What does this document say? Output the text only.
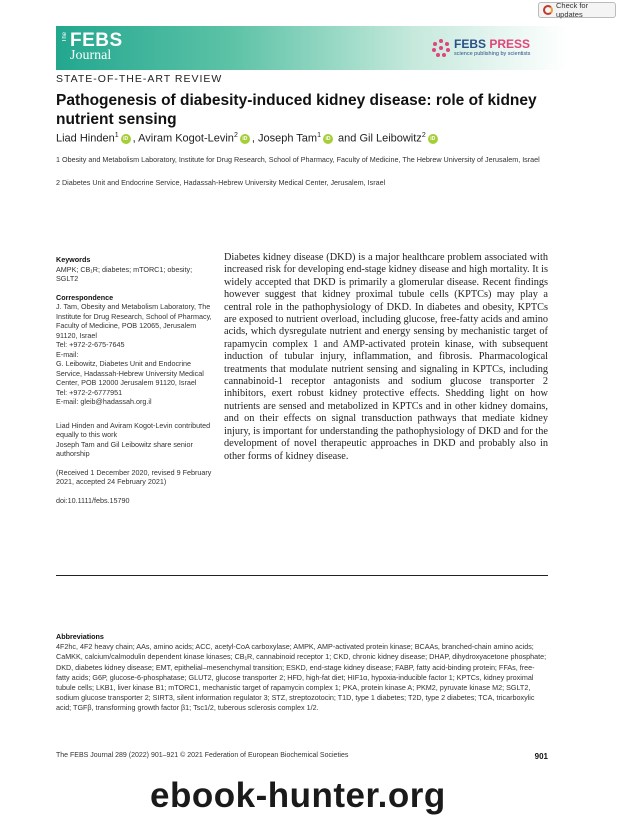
Check for updates
The FEBS
Journal
FEBS PRESS
science publishing by scientists
STATE-OF-THE-ART REVIEW
Pathogenesis of diabesity-induced kidney disease: role of kidney nutrient sensing
Liad Hinden$^1$ iD , Aviram Kogot-Levin$^2$ iD , Joseph Tam$^1$ iD and Gil Leibowitz$^2$ iD

1 Obesity and Metabolism Laboratory, Institute for Drug Research, School of Pharmacy, Faculty of Medicine, The Hebrew University of Jerusalem, Israel

2 Diabetes Unit and Endocrine Service, Hadassah-Hebrew University Medical Center, Jerusalem, Israel

Keywords
AMPK; CB₁R; diabetes; mTORC1; obesity; SGLT2
Correspondence
J. Tam, Obesity and Metabolism Laboratory, The Institute for Drug Research, School of Pharmacy, Faculty of Medicine, POB 12065, Jerusalem 91120, Israel
Tel: +972-2-675-7645
E-mail:
G. Leibowitz, Diabetes Unit and Endocrine Service, Hadassah-Hebrew University Medical Center, POB 12000 Jerusalem 91120, Israel
Tel: +972-2-6777951
E-mail: gleib@hadassah.org.il
Liad Hinden and Aviram Kogot-Levin contributed equally to this work
Joseph Tam and Gil Leibowitz share senior authorship
(Received 1 December 2020, revised 9 February 2021, accepted 24 February 2021)
doi:10.1111/febs.15790

Diabetes kidney disease (DKD) is a major healthcare problem associated with increased risk for developing end-stage kidney disease and high mortality. It is widely accepted that DKD is primarily a glomerular disease. Recent findings however suggest that kidney proximal tubule cells (KPTCs) may play a central role in the pathophysiology of DKD. In diabetes and obesity, KPTCs are exposed to nutrient overload, including glucose, free-fatty acids and amino acids, which dysregulate nutrient and energy sensing by mechanistic target of rapamycin complex 1 and AMP-activated protein kinase, with subsequent induction of tubular injury, inflammation, and fibrosis. Pharmacological treatments that modulate nutrient sensing and signaling in KPTCs, including cannabinoid-1 receptor antagonists and sodium glucose transporter 2 inhibitors, exert robust kidney protective effects. Shedding light on how nutrients are sensed and metabolized in KPTCs and in other kidney domains, and on their effects on signal transduction pathways that mediate kidney injury, is important for understanding the pathophysiology of DKD and for the development of novel therapeutic approaches in DKD and probably also in other forms of kidney disease.

Abbreviations
4F2hc, 4F2 heavy chain; AAs, amino acids; ACC, acetyl-CoA carboxylase; AMPK, AMP-activated protein kinase; BCAAs, branched-chain amino acids; CaMKK, calcium/calmodulin dependent kinase kinases; CB₁R, cannabinoid receptor 1; CKD, chronic kidney disease; DHAP, dihydroxyacetone phosphate; DKD, diabetes kidney disease; EMT, epithelial–mesenchymal transition; ESKD, end-stage kidney disease; FABP, fatty acid-binding protein; FFAs, free-fatty acids; G6P, glucose-6-phosphatase; GLUT2, glucose transporter 2; HFD, high-fat diet; HIF1α, hypoxia-inducible factor 1; KPTCs, kidney proximal tubule cells; LKB1, liver kinase B1; mTORC1, mechanistic target of rapamycin complex 1; PKA, protein kinase A; PKM2, pyruvate kinase M2; SGLT2, sodium glucose transporter 2; SIRT3, silent information regulator 3; STZ, streptozotocin; T1D, type 1 diabetes; T2D, type 2 diabetes; TCA, tricarboxylic acid; TGFβ, transforming growth factor β1; Tsc1/2, tuberous sclerosis complex 1/2.
The FEBS Journal 289 (2022) 901–921 © 2021 Federation of European Biochemical Societies	901
ebook-hunter.org
